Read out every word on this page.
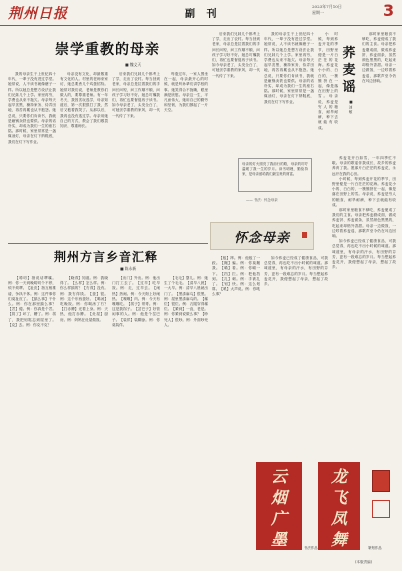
荆州日报	副 刊
2023年7月10日
星期一	3
崇学重教的母亲
■ 魏义天

我的母亲生于上世纪四十年代，一辈子没有进过学堂。她常说，人不读书就像瞎子一样。所以她总是想方设法让我们兄妹几个上学。家里再穷，学费也从来不拖欠。母亲每天起早贪黑，操持家务、侍弄田地，再苦再累也从不抱怨。她总说，只要你们肯读书，我就是砸锅卖铁也要供。母亲的话朴实，却成为我们一生的座右铭。那时候，家里常常是一盏煤油灯，母亲在灯下纳鞋底，我们在灯下写作业。

母亲没有文化，却最敬重有文化的人。村里的老师来家访，她总要煮几个鸡蛋招待。她常对我们说，老师是教你们做人的，要尊重老师。有一年冬天，我因贪玩逃学，母亲知道后，第一次狠狠打了我，然后又抱着我哭了。从那以后，我再也没有逃过学。母亲用她自己的方式，教会了我们敬畏知识、尊重师长。

后来我们兄妹几个都考上了学，走出了农村。每当回到老家，母亲总是拉着我们的手问长问短，问工作顺不顺，问孩子学习好不好。她总叮嘱我们，再忙也要督促孩子读书。如今母亲老了，头发全白了，可她崇学重教的家风，却一代一代传了下来。

每逢过年，一家人围坐在一起，母亲最开心的时候，就是听孙辈们讲学校的事。她笑得合不拢嘴，眼里满是欣慰。母亲这一生，平凡而伟大，她用自己的勤劳和坚韧，为我们撑起了一片天空。

后来我们兄妹几个都考上了学，走出了农村。每当回到老家，母亲总是拉着我们的手问长问短，问工作顺不顺，问孩子学习好不好。她总叮嘱我们，再忙也要督促孩子读书。如今母亲老了，头发全白了，可她崇学重教的家风，却一代一代传了下来。

我的母亲生于上世纪四十年代，一辈子没有进过学堂。她常说，人不读书就像瞎子一样。所以她总是想方设法让我们兄妹几个上学。家里再穷，学费也从来不拖欠。母亲每天起早贪黑，操持家务、侍弄田地，再苦再累也从不抱怨。她总说，只要你们肯读书，我就是砸锅卖铁也要供。母亲的话朴实，却成为我们一生的座右铭。那时候，家里常常是一盏煤油灯，母亲在灯下纳鞋底，我们在灯下写作业。

母亲的灯火照亮了我前行的路，母亲的叮咛温暖了我一生的岁月。读书明理，勤俭持家，是母亲留给我们最宝贵的财富。
—— 书法：怀念母亲
怀念母亲
荆州方言乡音汇释
■ 陈永新

【唠叨】指说话啰嗦。例：你一天到晚唠叨个不停，烦不烦啰。【扯皮】指互相推诿，争执不休。例：这件事你们莫扯皮了。【搞么事】干什么。例：你在那里搞么事？【苕】傻。例：你真是个苕。【拐了】坏了，糟了。例：拐了，我把钥匙忘到屋里了。【克】去。例：你克不克？

【晓得】知道。例：我晓得了。【么样】怎么样。例：你么样搞的？【冇得】没有。例：我冇得钱。【蛮】很。例：这个东西蛮好。【喝汤】吃晚饭。例：你喝汤了冇？【打赤膊】光着上身。例：天热，他打赤膊。【灶屋】厨房。例：妈妈在灶屋做饭。

【出门】外出。例：他出门打工去了。【过早】吃早饭。例：走，过早去。【闹热】热闹。例：今天街上好闹热。【嘎嘎】肉。例：今天有嘎嘎吃。【拐子】哥哥。例：这是我拐子。【岔巴子】好管闲事的人。例：他是个岔巴子。【装佯】装糊涂。例：你莫装佯。

【毛毛】婴儿。例：她生了个毛毛。【清早八晨】一大早。例：清早八晨就出门了。【黑漆麻乌】很黑。例：屋里黑漆麻乌的。【稀烂】很烂。例：衣服穿得稀烂。【紧到】一直，老是。例：你紧到说做么事？【吵死人】很吵。例：外面吵死人。

【板】摔。例：他板了一跤。【撮】骗。例：你莫撮我。【瞄】看。例：你瞄一下。【挡】拦。例：把他挡到。【扎】刺。例：手被扎了。【划】快。例：这么划算。【吼】大声说。例：你吼么事？

荞
麦
谣
■ 刘 敏

小时候，每到荞麦开花的季节，田野里便是一片白茫茫的花海。荞麦花小小的、白白的，一簇簇挤在一起，像是落在田野上的雪。母亲说，荞麦是穷人的粮食，耐旱耐瘠，种下去就能有收成。

那时家里粮食不够吃，荞麦便成了我们的主食。母亲把荞麦磨成面，做成荞麦饼、荞麦面条，虽然颜色黑黑的，吃起来却格外香甜。母亲一边做饭，一边哼着荞麦谣，那歌声至今仍在耳边回响。

如今荞麦已经成了健康食品，可我总觉得，再也吃不出小时候的味道。那味道里，有母亲的汗水，有田野的芬芳，更有一段难忘的岁月。每当想起荞麦花开，我便想起了母亲，想起了故乡。

荞麦花开白如雪，一年四季忙不歇。母亲的歌谣伴我成长，故乡的荞麦养育了我。愿那片白茫茫的荞麦花，永远开在我的心田。

小时候，每到荞麦开花的季节，田野里便是一片白茫茫的花海。荞麦花小小的、白白的，一簇簇挤在一起，像是落在田野上的雪。母亲说，荞麦是穷人的粮食，耐旱耐瘠，种下去就能有收成。

那时家里粮食不够吃，荞麦便成了我们的主食。母亲把荞麦磨成面，做成荞麦饼、荞麦面条，虽然颜色黑黑的，吃起来却格外香甜。母亲一边做饭，一边哼着荞麦谣，那歌声至今仍在耳边回响。

如今荞麦已经成了健康食品，可我总觉得，再也吃不出小时候的味道。那味道里，有母亲的汗水，有田野的芬芳，更有一段难忘的岁月。每当想起荞麦花开，我便想起了母亲，想起了故乡。

云
烟
广
墨
龙
飞
凤
舞
书法作品	篆刻作品
(本版责编)
